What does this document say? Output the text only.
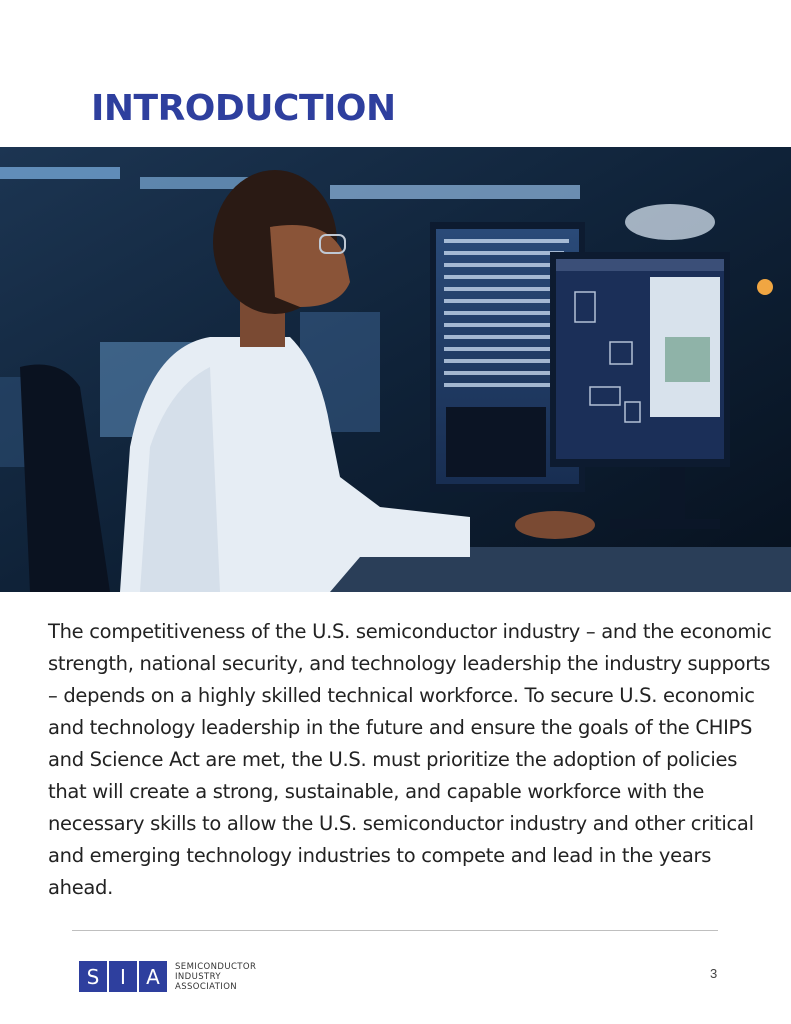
INTRODUCTION

The competitiveness of the U.S. semiconductor industry – and the economic strength, national security, and technology leadership the industry supports – depends on a highly skilled technical workforce. To secure U.S. economic and technology leadership in the future and ensure the goals of the CHIPS and Science Act are met, the U.S. must prioritize the adoption of policies that will create a strong, sustainable, and capable workforce with the necessary skills to allow the U.S. semiconductor industry and other critical and emerging technology industries to compete and lead in the years ahead.

S	I	A	SEMICONDUCTOR
INDUSTRY
ASSOCIATION
3
